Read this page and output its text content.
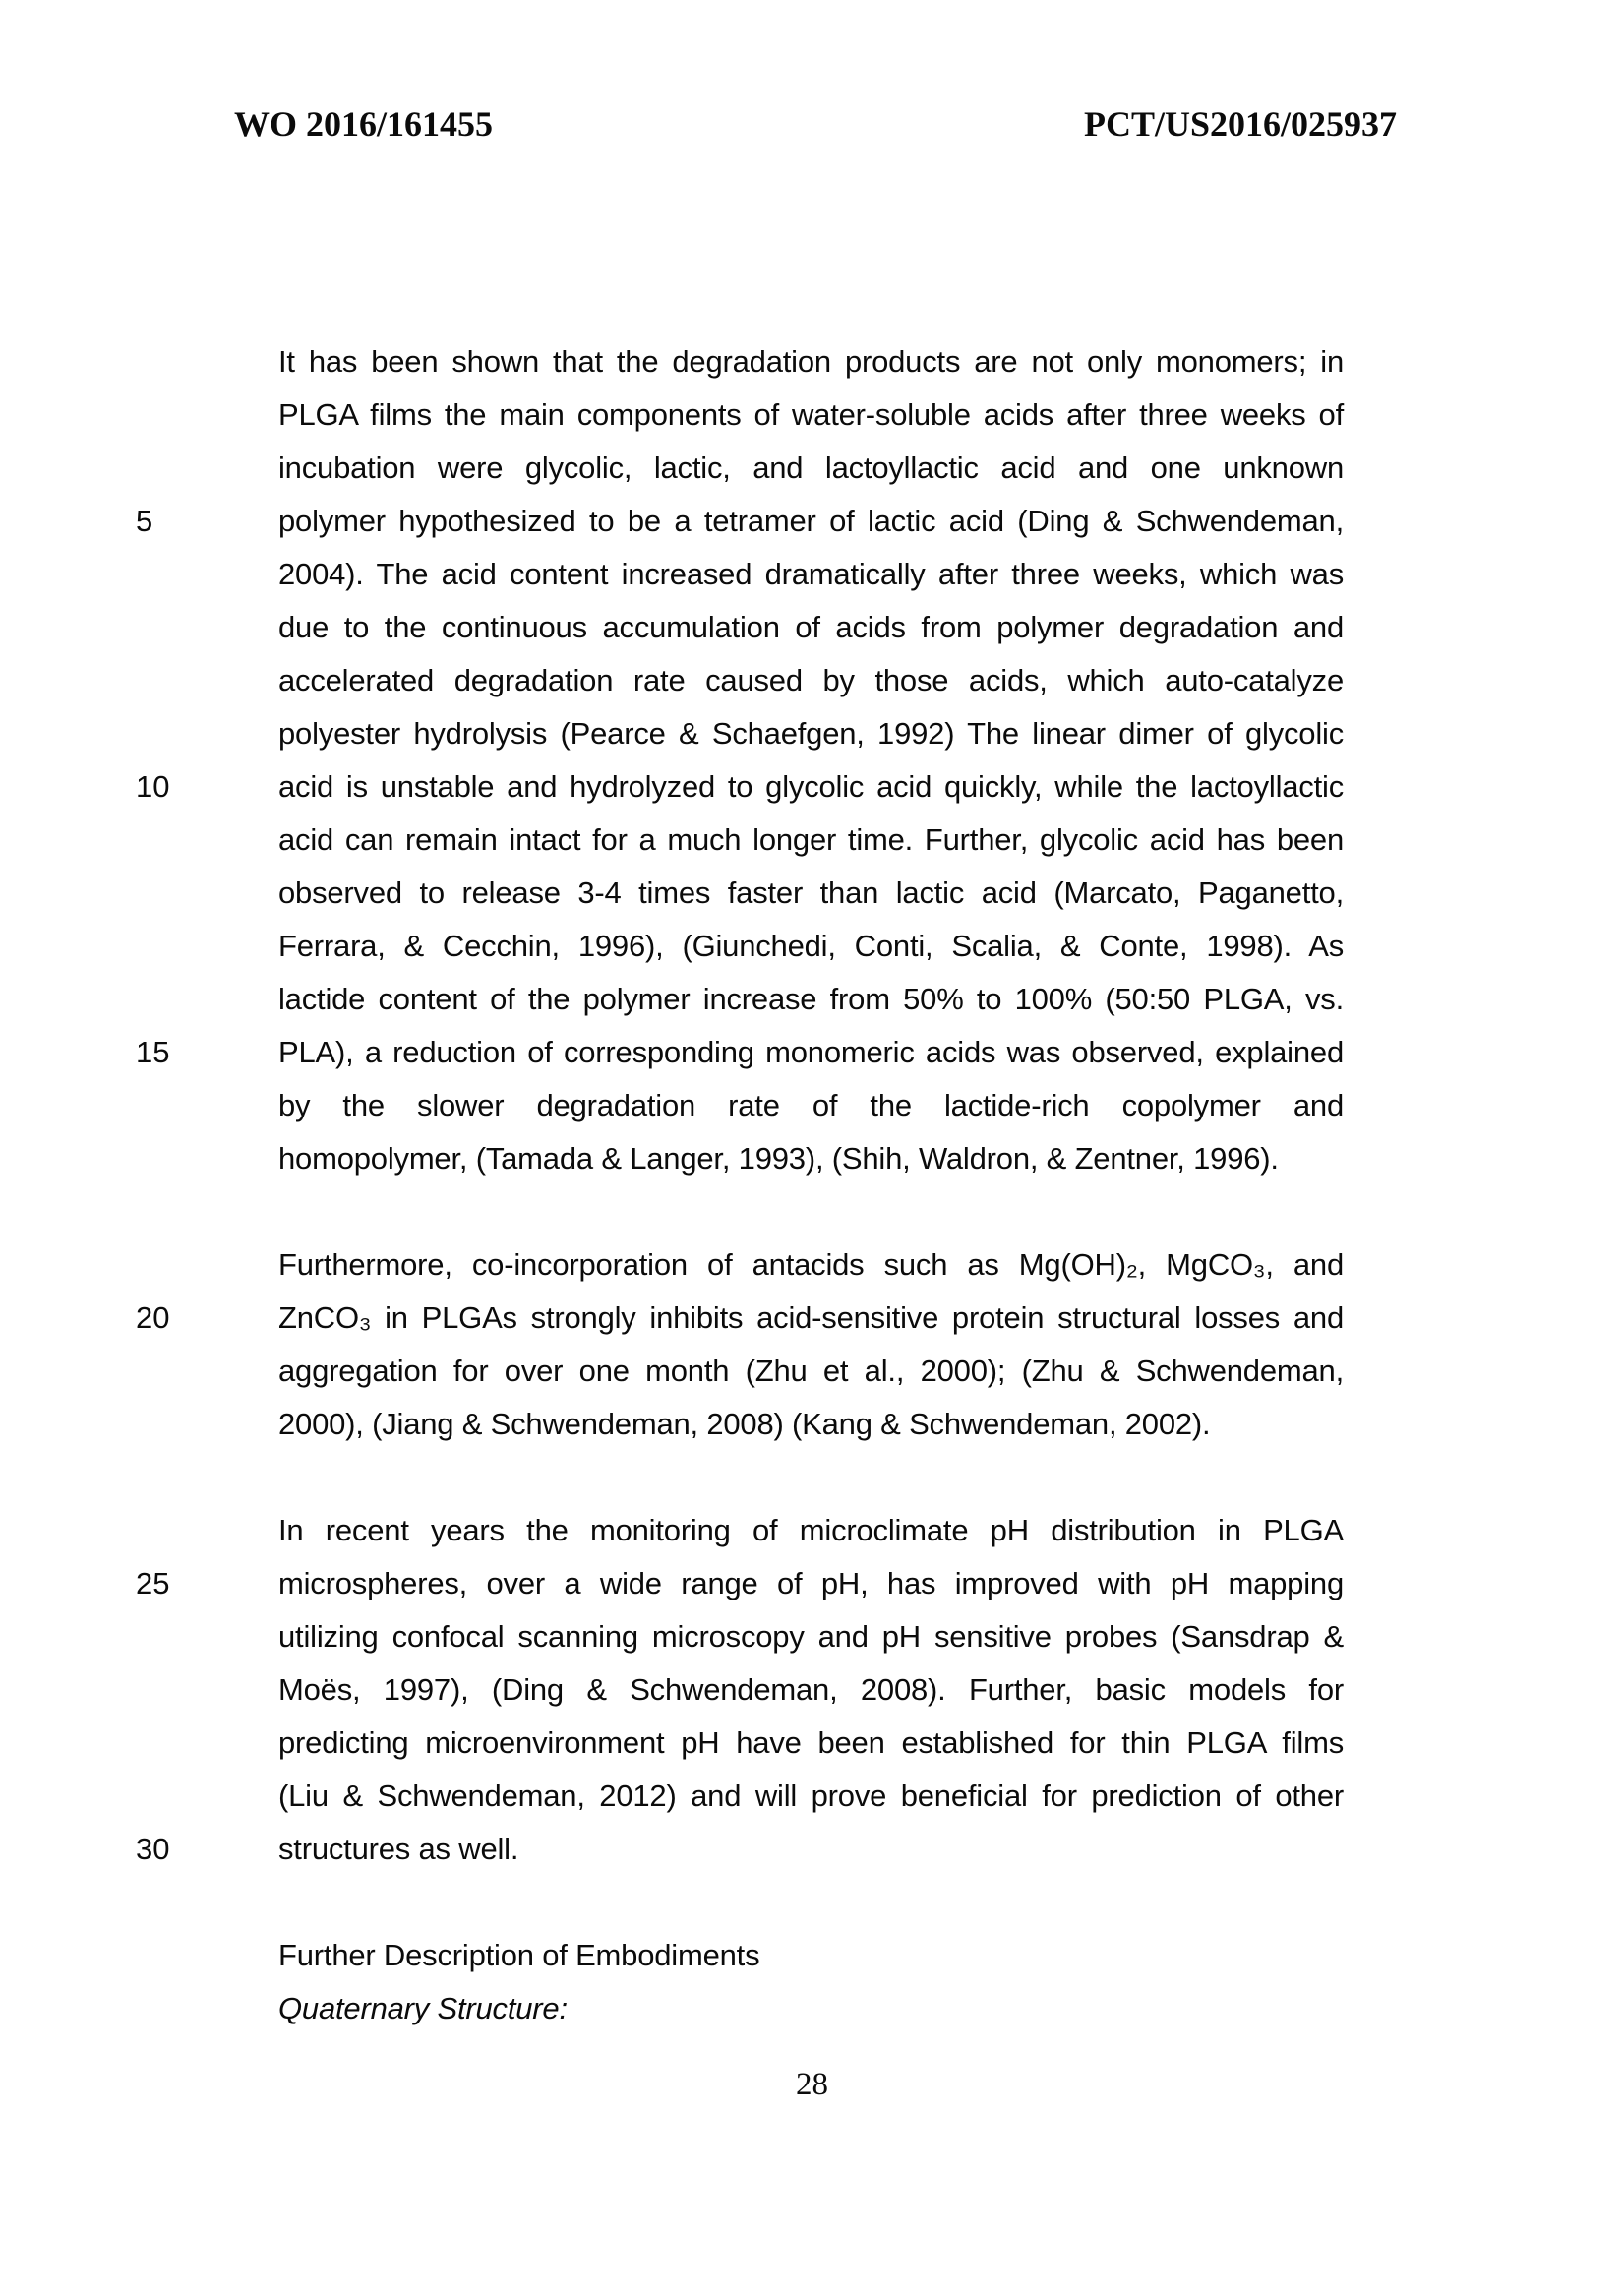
WO 2016/161455	PCT/US2016/025937
It has been shown that the degradation products are not only monomers; in
PLGA films the main components of water-soluble acids after three weeks of
incubation were glycolic, lactic, and lactoyllactic acid and one unknown
5	polymer hypothesized to be a tetramer of lactic acid (Ding & Schwendeman,
2004). The acid content increased dramatically after three weeks, which was
due to the continuous accumulation of acids from polymer degradation and
accelerated degradation rate caused by those acids, which auto-catalyze
polyester hydrolysis (Pearce & Schaefgen, 1992) The linear dimer of glycolic
10	acid is unstable and hydrolyzed to glycolic acid quickly, while the lactoyllactic
acid can remain intact for a much longer time. Further, glycolic acid has been
observed to release 3-4 times faster than lactic acid (Marcato, Paganetto,
Ferrara, & Cecchin, 1996), (Giunchedi, Conti, Scalia, & Conte, 1998). As
lactide content of the polymer increase from 50% to 100% (50:50 PLGA, vs.
15	PLA), a reduction of corresponding monomeric acids was observed, explained
by the slower degradation rate of the lactide-rich copolymer and
homopolymer, (Tamada & Langer, 1993), (Shih, Waldron, & Zentner, 1996).
Furthermore, co-incorporation of antacids such as Mg(OH)₂, MgCO₃, and
20	ZnCO₃ in PLGAs strongly inhibits acid-sensitive protein structural losses and
aggregation for over one month (Zhu et al., 2000); (Zhu & Schwendeman,
2000), (Jiang & Schwendeman, 2008) (Kang & Schwendeman, 2002).
In recent years the monitoring of microclimate pH distribution in PLGA
25	microspheres, over a wide range of pH, has improved with pH mapping
utilizing confocal scanning microscopy and pH sensitive probes (Sansdrap &
Moës, 1997), (Ding & Schwendeman, 2008). Further, basic models for
predicting microenvironment pH have been established for thin PLGA films
(Liu & Schwendeman, 2012) and will prove beneficial for prediction of other
30	structures as well.
Further Description of Embodiments
Quaternary Structure:
28
